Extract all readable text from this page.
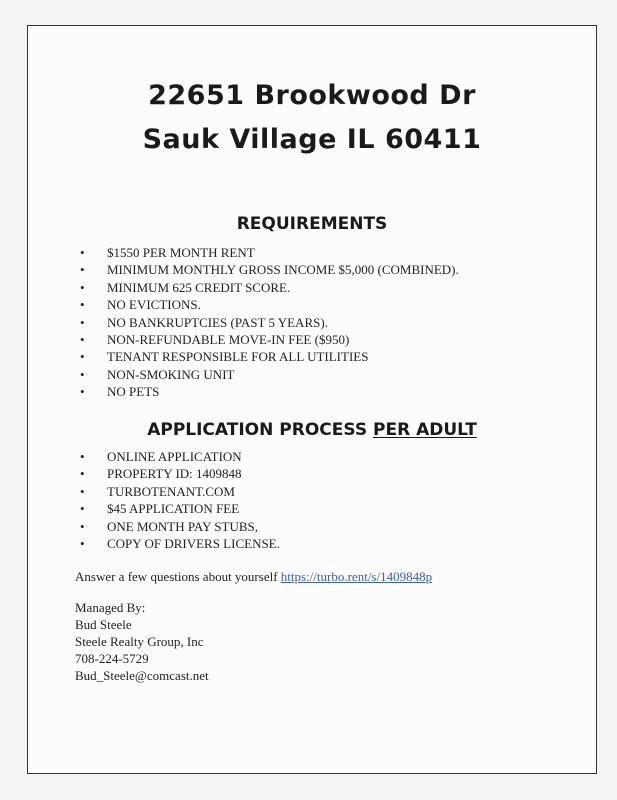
22651 Brookwood Dr
Sauk Village IL 60411
REQUIREMENTS
• $1550 PER MONTH RENT
• MINIMUM MONTHLY GROSS INCOME $5,000 (COMBINED).
• MINIMUM 625 CREDIT SCORE.
• NO EVICTIONS.
• NO BANKRUPTCIES (PAST 5 YEARS).
• NON-REFUNDABLE MOVE-IN FEE ($950)
• TENANT RESPONSIBLE FOR ALL UTILITIES
• NON-SMOKING UNIT
• NO PETS
APPLICATION PROCESS PER ADULT
• ONLINE APPLICATION
• PROPERTY ID: 1409848
• TURBOTENANT.COM
• $45 APPLICATION FEE
• ONE MONTH PAY STUBS,
• COPY OF DRIVERS LICENSE.
Answer a few questions about yourself https://turbo.rent/s/1409848p
Managed By:
Bud Steele
Steele Realty Group, Inc
708-224-5729
Bud_Steele@comcast.net
